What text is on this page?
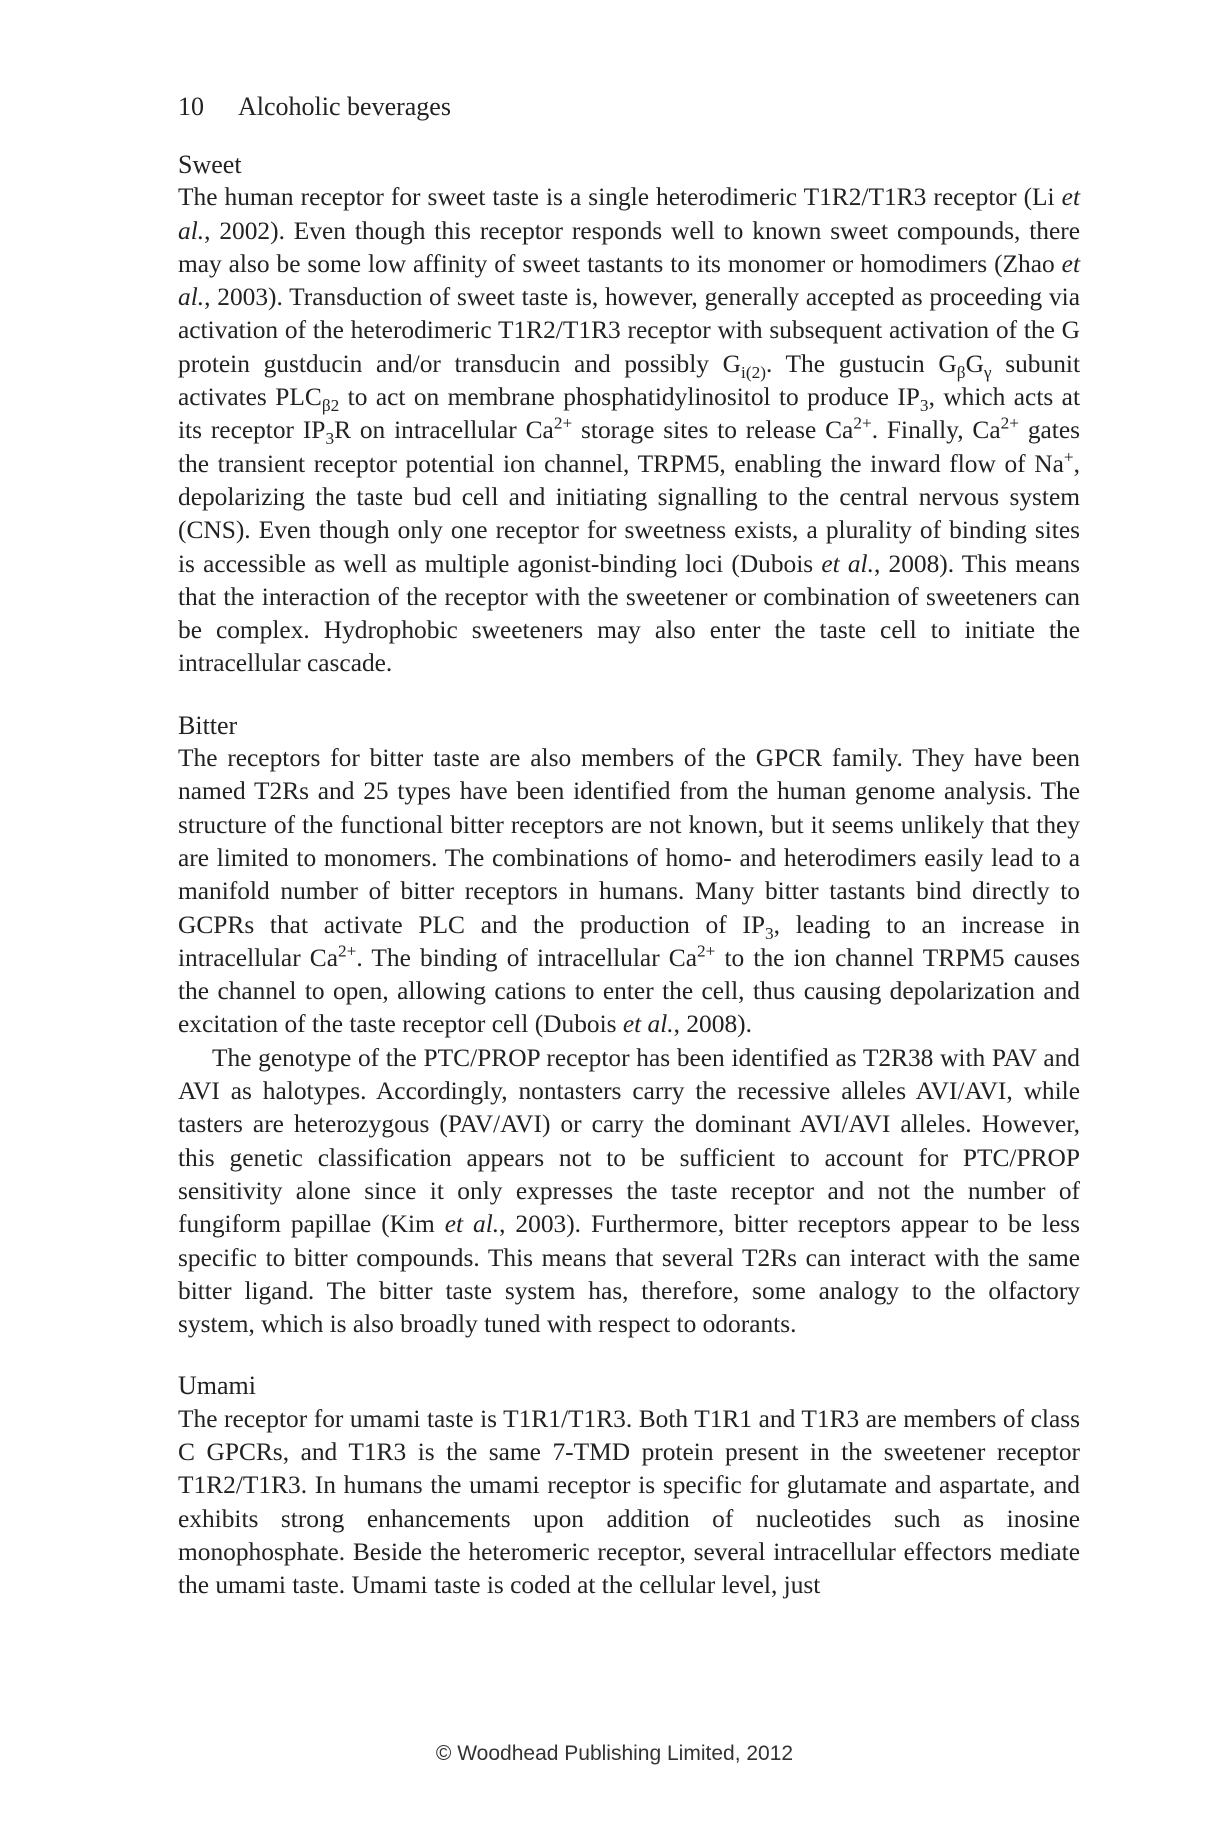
10 Alcoholic beverages
Sweet

The human receptor for sweet taste is a single heterodimeric T1R2/T1R3 receptor (Li et al., 2002). Even though this receptor responds well to known sweet compounds, there may also be some low affinity of sweet tastants to its monomer or homodimers (Zhao et al., 2003). Transduction of sweet taste is, however, generally accepted as proceeding via activation of the heterodimeric T1R2/T1R3 receptor with subsequent activation of the G protein gustducin and/or transducin and possibly $G_{i(2)}$. The gustucin $G_\beta G_\gamma$ subunit activates $PLC_{\beta 2}$ to act on membrane phosphatidylinositol to produce $IP_3$, which acts at its receptor $IP_3R$ on intracellular $Ca^{2+}$ storage sites to release $Ca^{2+}$. Finally, $Ca^{2+}$ gates the transient receptor potential ion channel, TRPM5, enabling the inward flow of Na+, depolarizing the taste bud cell and initiating signalling to the central nervous system (CNS). Even though only one receptor for sweetness exists, a plurality of binding sites is accessible as well as multiple agonist-binding loci (Dubois et al., 2008). This means that the interaction of the receptor with the sweetener or combination of sweeteners can be complex. Hydrophobic sweeteners may also enter the taste cell to initiate the intracellular cascade.

Bitter

The receptors for bitter taste are also members of the GPCR family. They have been named T2Rs and 25 types have been identified from the human genome analysis. The structure of the functional bitter receptors are not known, but it seems unlikely that they are limited to monomers. The combinations of homo- and heterodimers easily lead to a manifold number of bitter receptors in humans. Many bitter tastants bind directly to GCPRs that activate PLC and the production of $IP_3$, leading to an increase in intracellular $Ca^{2+}$. The binding of intracellular $Ca^{2+}$ to the ion channel TRPM5 causes the channel to open, allowing cations to enter the cell, thus causing depolarization and excitation of the taste receptor cell (Dubois et al., 2008).

The genotype of the PTC/PROP receptor has been identified as T2R38 with PAV and AVI as halotypes. Accordingly, nontasters carry the recessive alleles AVI/AVI, while tasters are heterozygous (PAV/AVI) or carry the dominant AVI/AVI alleles. However, this genetic classification appears not to be sufficient to account for PTC/PROP sensitivity alone since it only expresses the taste receptor and not the number of fungiform papillae (Kim et al., 2003). Furthermore, bitter receptors appear to be less specific to bitter compounds. This means that several T2Rs can interact with the same bitter ligand. The bitter taste system has, therefore, some analogy to the olfactory system, which is also broadly tuned with respect to odorants.

Umami

The receptor for umami taste is T1R1/T1R3. Both T1R1 and T1R3 are members of class C GPCRs, and T1R3 is the same 7-TMD protein present in the sweetener receptor T1R2/T1R3. In humans the umami receptor is specific for glutamate and aspartate, and exhibits strong enhancements upon addition of nucleotides such as inosine monophosphate. Beside the heteromeric receptor, several intracellular effectors mediate the umami taste. Umami taste is coded at the cellular level, just

© Woodhead Publishing Limited, 2012
